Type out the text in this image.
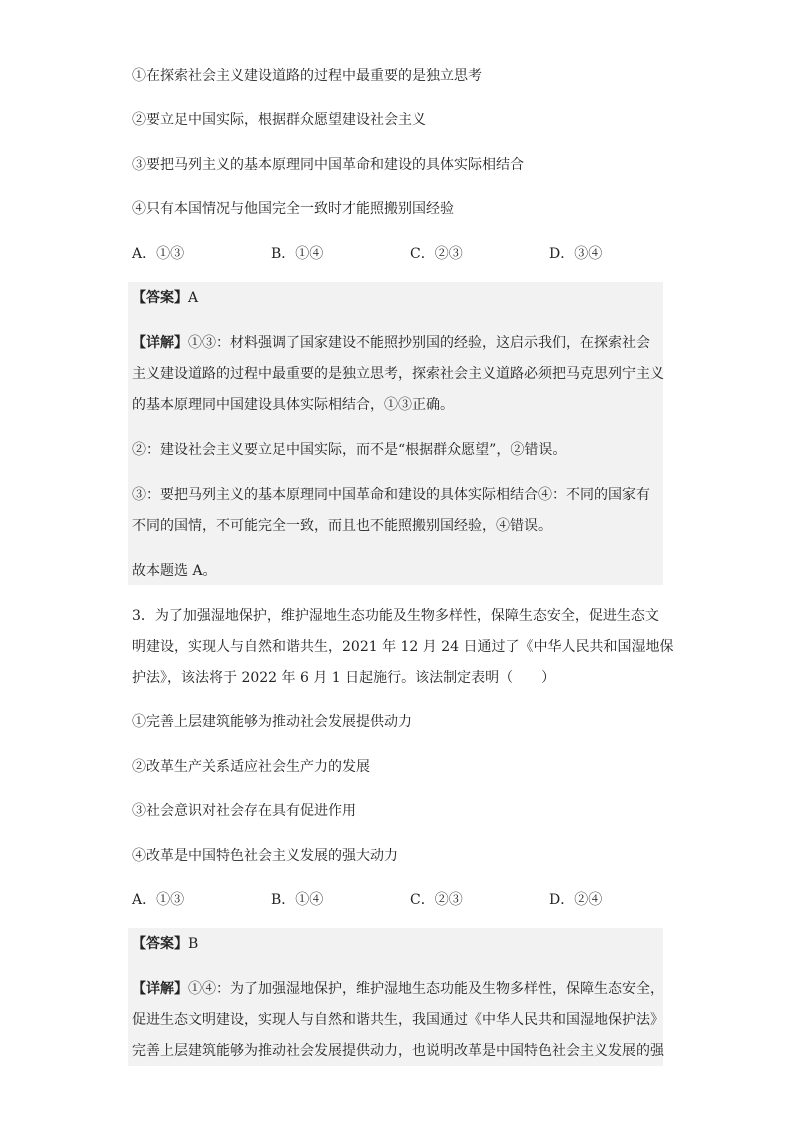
①在探索社会主义建设道路的过程中最重要的是独立思考
②要立足中国实际，根据群众愿望建设社会主义
③要把马列主义的基本原理同中国革命和建设的具体实际相结合
④只有本国情况与他国完全一致时才能照搬别国经验
A．①③	B．①④	C．②③	D．③④
【答案】A
【详解】①③：材料强调了国家建设不能照抄别国的经验，这启示我们，在探索社会
主义建设道路的过程中最重要的是独立思考，探索社会主义道路必须把马克思列宁主义
的基本原理同中国建设具体实际相结合，①③正确。
②：建设社会主义要立足中国实际，而不是“根据群众愿望”，②错误。
③：要把马列主义的基本原理同中国革命和建设的具体实际相结合④：不同的国家有
不同的国情，不可能完全一致，而且也不能照搬别国经验，④错误。
故本题选 A。
3．为了加强湿地保护，维护湿地生态功能及生物多样性，保障生态安全，促进生态文
明建设，实现人与自然和谐共生，2021 年 12 月 24 日通过了《中华人民共和国湿地保
护法》，该法将于 2022 年 6 月 1 日起施行。该法制定表明（　　）
①完善上层建筑能够为推动社会发展提供动力
②改革生产关系适应社会生产力的发展
③社会意识对社会存在具有促进作用
④改革是中国特色社会主义发展的强大动力
A．①③	B．①④	C．②③	D．②④
【答案】B
【详解】①④：为了加强湿地保护，维护湿地生态功能及生物多样性，保障生态安全，
促进生态文明建设，实现人与自然和谐共生，我国通过《中华人民共和国湿地保护法》
完善上层建筑能够为推动社会发展提供动力，也说明改革是中国特色社会主义发展的强
